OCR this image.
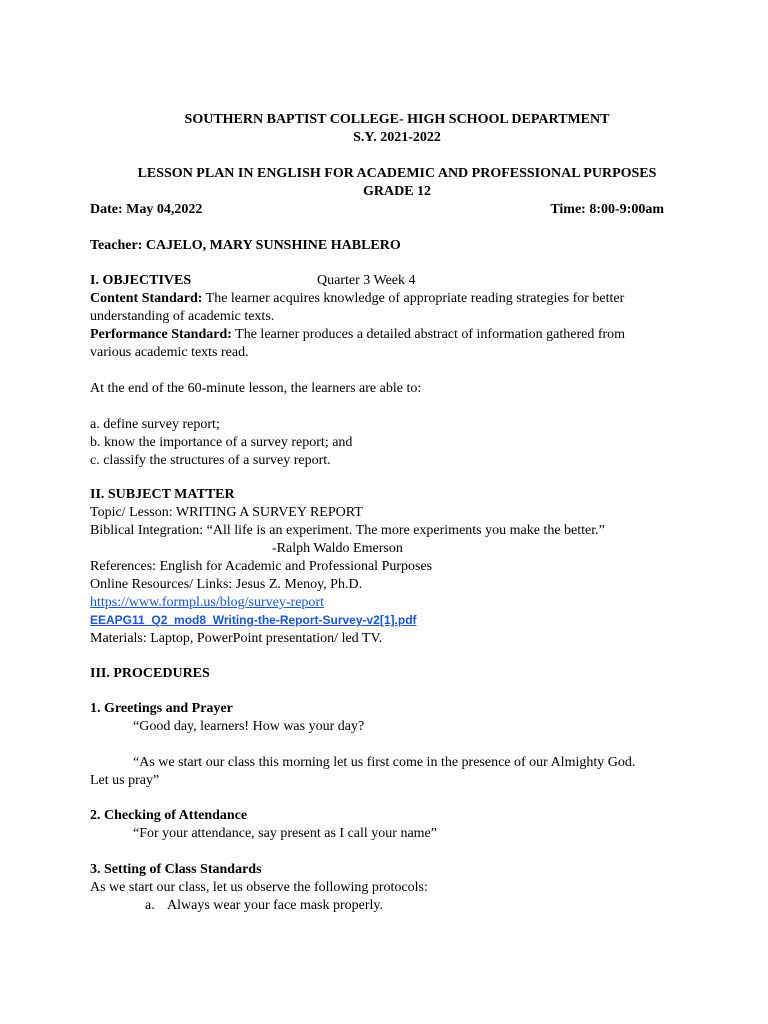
SOUTHERN BAPTIST COLLEGE- HIGH SCHOOL DEPARTMENT
S.Y. 2021-2022
LESSON PLAN IN ENGLISH FOR ACADEMIC AND PROFESSIONAL PURPOSES
GRADE 12
Date: May 04,2022	Time: 8:00-9:00am
Teacher: CAJELO, MARY SUNSHINE HABLERO
I. OBJECTIVES	Quarter 3 Week 4
Content Standard: The learner acquires knowledge of appropriate reading strategies for better
understanding of academic texts.
Performance Standard: The learner produces a detailed abstract of information gathered from
various academic texts read.
At the end of the 60-minute lesson, the learners are able to:
a. define survey report;
b. know the importance of a survey report; and
c. classify the structures of a survey report.
II. SUBJECT MATTER
Topic/ Lesson: WRITING A SURVEY REPORT
Biblical Integration: “All life is an experiment. The more experiments you make the better.”
-Ralph Waldo Emerson
References: English for Academic and Professional Purposes
Online Resources/ Links: Jesus Z. Menoy, Ph.D.
https://www.formpl.us/blog/survey-report
EEAPG11_Q2_mod8_Writing-the-Report-Survey-v2[1].pdf
Materials: Laptop, PowerPoint presentation/ led TV.
III. PROCEDURES
1. Greetings and Prayer
“Good day, learners! How was your day?
“As we start our class this morning let us first come in the presence of our Almighty God.
Let us pray”
2. Checking of Attendance
“For your attendance, say present as I call your name”
3. Setting of Class Standards
As we start our class, let us observe the following protocols:
a. Always wear your face mask properly.
